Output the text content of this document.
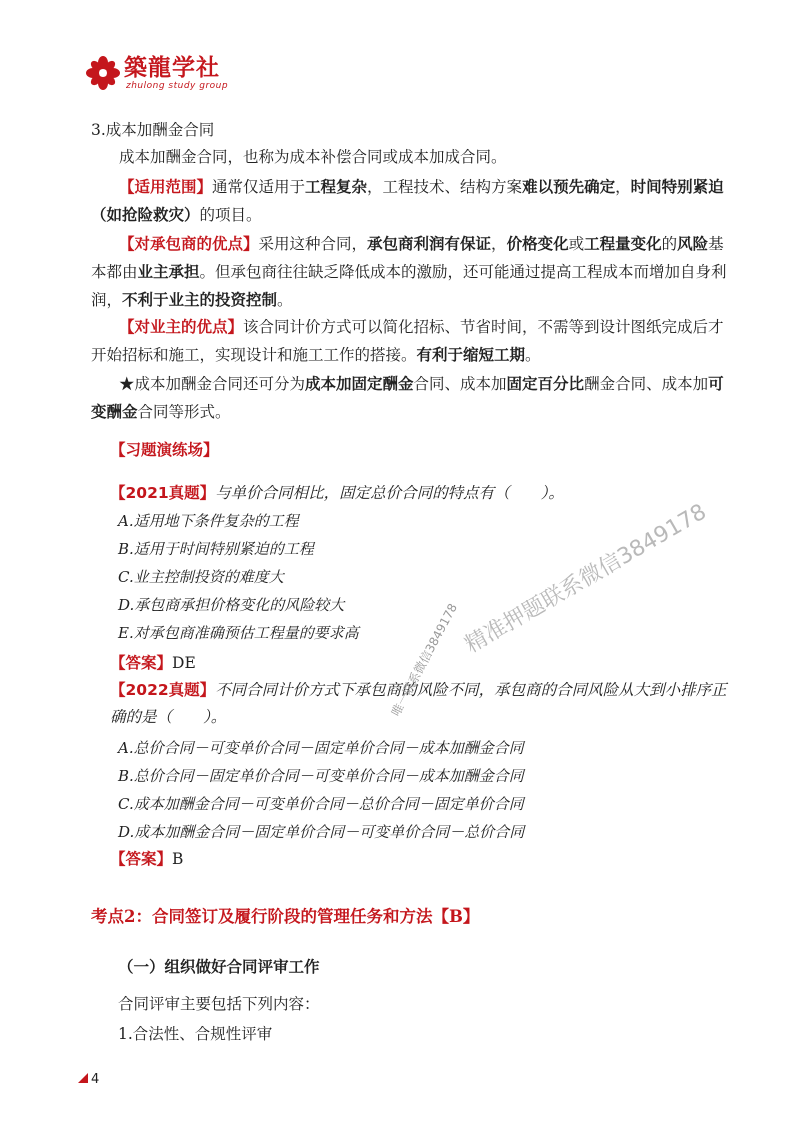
築龍学社
zhulong study group

3.成本加酬金合同

成本加酬金合同，也称为成本补偿合同或成本加成合同。

【适用范围】通常仅适用于工程复杂，工程技术、结构方案难以预先确定，时间特别紧迫（如抢险救灾）的项目。

【对承包商的优点】采用这种合同，承包商利润有保证，价格变化或工程量变化的风险基本都由业主承担。但承包商往往缺乏降低成本的激励，还可能通过提高工程成本而增加自身利润，不利于业主的投资控制。

【对业主的优点】该合同计价方式可以简化招标、节省时间，不需等到设计图纸完成后才开始招标和施工，实现设计和施工工作的搭接。有利于缩短工期。

★成本加酬金合同还可分为成本加固定酬金合同、成本加固定百分比酬金合同、成本加可变酬金合同等形式。

【习题演练场】

【2021真题】与单价合同相比，固定总价合同的特点有（　　）。

A.适用地下条件复杂的工程

B.适用于时间特别紧迫的工程

C.业主控制投资的难度大

D.承包商承担价格变化的风险较大

E.对承包商准确预估工程量的要求高

【答案】DE

【2022真题】不同合同计价方式下承包商的风险不同，承包商的合同风险从大到小排序正确的是（　　）。

A.总价合同－可变单价合同－固定单价合同－成本加酬金合同

B.总价合同－固定单价合同－可变单价合同－成本加酬金合同

C.成本加酬金合同－可变单价合同－总价合同－固定单价合同

D.成本加酬金合同－固定单价合同－可变单价合同－总价合同

【答案】B

考点2：合同签订及履行阶段的管理任务和方法【B】

（一）组织做好合同评审工作

合同评审主要包括下列内容：

1.合法性、合规性评审

精准押题联系微信3849178
唯一联系微信3849178
4
